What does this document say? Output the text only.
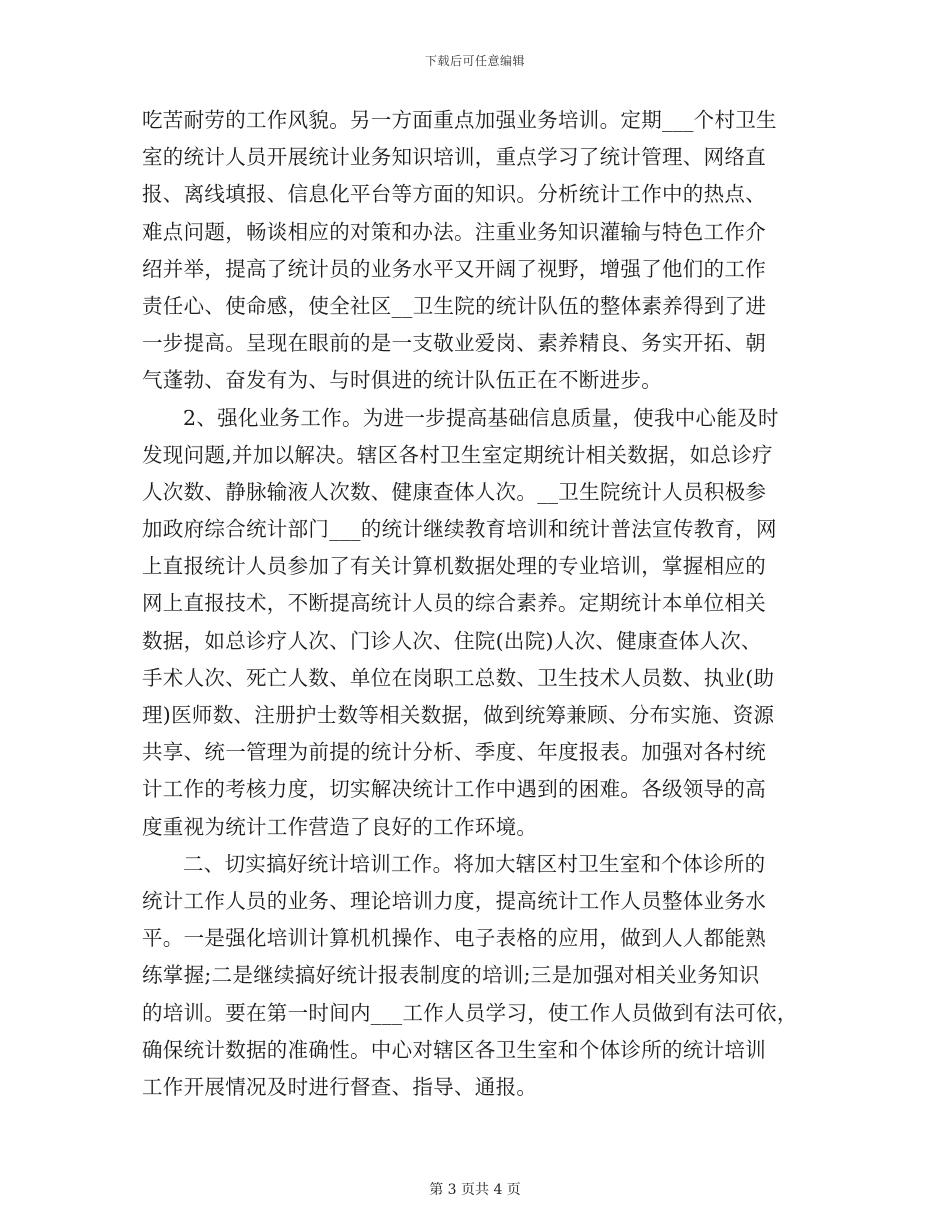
下载后可任意编辑
吃苦耐劳的工作风貌。另一方面重点加强业务培训。定期___个村卫生
室的统计人员开展统计业务知识培训，重点学习了统计管理、网络直
报、离线填报、信息化平台等方面的知识。分析统计工作中的热点、
难点问题，畅谈相应的对策和办法。注重业务知识灌输与特色工作介
绍并举，提高了统计员的业务水平又开阔了视野，增强了他们的工作
责任心、使命感，使全社区__卫生院的统计队伍的整体素养得到了进
一步提高。呈现在眼前的是一支敬业爱岗、素养精良、务实开拓、朝
气蓬勃、奋发有为、与时俱进的统计队伍正在不断进步。
2、强化业务工作。为进一步提高基础信息质量，使我中心能及时
发现问题,并加以解决。辖区各村卫生室定期统计相关数据，如总诊疗
人次数、静脉输液人次数、健康查体人次。__卫生院统计人员积极参
加政府综合统计部门___的统计继续教育培训和统计普法宣传教育，网
上直报统计人员参加了有关计算机数据处理的专业培训，掌握相应的
网上直报技术，不断提高统计人员的综合素养。定期统计本单位相关
数据，如总诊疗人次、门诊人次、住院(出院)人次、健康查体人次、
手术人次、死亡人数、单位在岗职工总数、卫生技术人员数、执业(助
理)医师数、注册护士数等相关数据，做到统筹兼顾、分布实施、资源
共享、统一管理为前提的统计分析、季度、年度报表。加强对各村统
计工作的考核力度，切实解决统计工作中遇到的困难。各级领导的高
度重视为统计工作营造了良好的工作环境。
二、切实搞好统计培训工作。将加大辖区村卫生室和个体诊所的
统计工作人员的业务、理论培训力度，提高统计工作人员整体业务水
平。一是强化培训计算机机操作、电子表格的应用，做到人人都能熟
练掌握;二是继续搞好统计报表制度的培训;三是加强对相关业务知识
的培训。要在第一时间内___工作人员学习，使工作人员做到有法可依，
确保统计数据的准确性。中心对辖区各卫生室和个体诊所的统计培训
工作开展情况及时进行督查、指导、通报。
第 3 页共 4 页
